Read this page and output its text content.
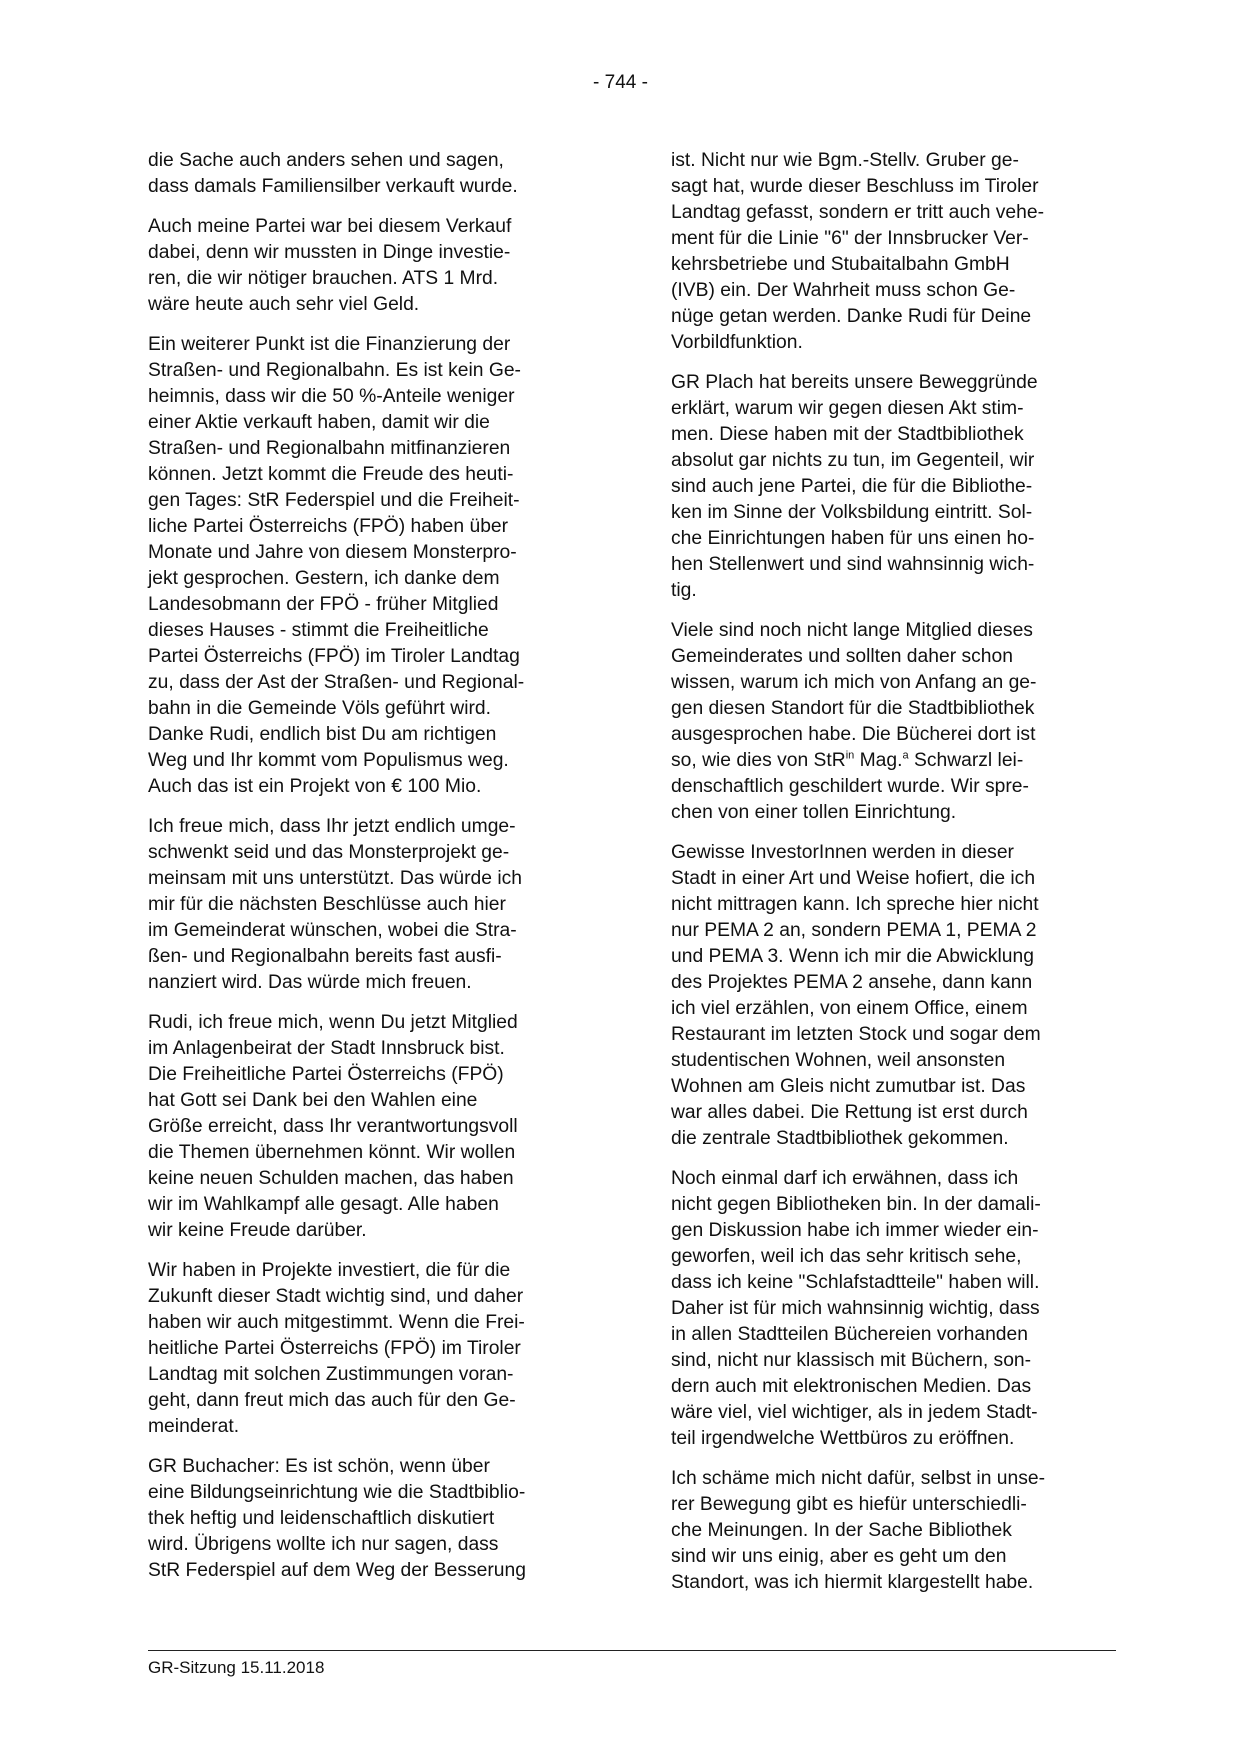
- 744 -

die Sache auch anders sehen und sagen,
dass damals Familiensilber verkauft wurde.

Auch meine Partei war bei diesem Verkauf
dabei, denn wir mussten in Dinge investie-
ren, die wir nötiger brauchen. ATS 1 Mrd.
wäre heute auch sehr viel Geld.

Ein weiterer Punkt ist die Finanzierung der
Straßen- und Regionalbahn. Es ist kein Ge-
heimnis, dass wir die 50 %-Anteile weniger
einer Aktie verkauft haben, damit wir die
Straßen- und Regionalbahn mitfinanzieren
können. Jetzt kommt die Freude des heuti-
gen Tages: StR Federspiel und die Freiheit-
liche Partei Österreichs (FPÖ) haben über
Monate und Jahre von diesem Monsterpro-
jekt gesprochen. Gestern, ich danke dem
Landesobmann der FPÖ - früher Mitglied
dieses Hauses - stimmt die Freiheitliche
Partei Österreichs (FPÖ) im Tiroler Landtag
zu, dass der Ast der Straßen- und Regional-
bahn in die Gemeinde Völs geführt wird.
Danke Rudi, endlich bist Du am richtigen
Weg und Ihr kommt vom Populismus weg.
Auch das ist ein Projekt von € 100 Mio.

Ich freue mich, dass Ihr jetzt endlich umge-
schwenkt seid und das Monsterprojekt ge-
meinsam mit uns unterstützt. Das würde ich
mir für die nächsten Beschlüsse auch hier
im Gemeinderat wünschen, wobei die Stra-
ßen- und Regionalbahn bereits fast ausfi-
nanziert wird. Das würde mich freuen.

Rudi, ich freue mich, wenn Du jetzt Mitglied
im Anlagenbeirat der Stadt Innsbruck bist.
Die Freiheitliche Partei Österreichs (FPÖ)
hat Gott sei Dank bei den Wahlen eine
Größe erreicht, dass Ihr verantwortungsvoll
die Themen übernehmen könnt. Wir wollen
keine neuen Schulden machen, das haben
wir im Wahlkampf alle gesagt. Alle haben
wir keine Freude darüber.

Wir haben in Projekte investiert, die für die
Zukunft dieser Stadt wichtig sind, und daher
haben wir auch mitgestimmt. Wenn die Frei-
heitliche Partei Österreichs (FPÖ) im Tiroler
Landtag mit solchen Zustimmungen voran-
geht, dann freut mich das auch für den Ge-
meinderat.

GR Buchacher: Es ist schön, wenn über
eine Bildungseinrichtung wie die Stadtbiblio-
thek heftig und leidenschaftlich diskutiert
wird. Übrigens wollte ich nur sagen, dass
StR Federspiel auf dem Weg der Besserung

ist. Nicht nur wie Bgm.-Stellv. Gruber ge-
sagt hat, wurde dieser Beschluss im Tiroler
Landtag gefasst, sondern er tritt auch vehe-
ment für die Linie "6" der Innsbrucker Ver-
kehrsbetriebe und Stubaitalbahn GmbH
(IVB) ein. Der Wahrheit muss schon Ge-
nüge getan werden. Danke Rudi für Deine
Vorbildfunktion.

GR Plach hat bereits unsere Beweggründe
erklärt, warum wir gegen diesen Akt stim-
men. Diese haben mit der Stadtbibliothek
absolut gar nichts zu tun, im Gegenteil, wir
sind auch jene Partei, die für die Bibliothe-
ken im Sinne der Volksbildung eintritt. Sol-
che Einrichtungen haben für uns einen ho-
hen Stellenwert und sind wahnsinnig wich-
tig.

Viele sind noch nicht lange Mitglied dieses
Gemeinderates und sollten daher schon
wissen, warum ich mich von Anfang an ge-
gen diesen Standort für die Stadtbibliothek
ausgesprochen habe. Die Bücherei dort ist
so, wie dies von StR$^{in}$ Mag.$^a$ Schwarzl lei-
denschaftlich geschildert wurde. Wir spre-
chen von einer tollen Einrichtung.

Gewisse InvestorInnen werden in dieser
Stadt in einer Art und Weise hofiert, die ich
nicht mittragen kann. Ich spreche hier nicht
nur PEMA 2 an, sondern PEMA 1, PEMA 2
und PEMA 3. Wenn ich mir die Abwicklung
des Projektes PEMA 2 ansehe, dann kann
ich viel erzählen, von einem Office, einem
Restaurant im letzten Stock und sogar dem
studentischen Wohnen, weil ansonsten
Wohnen am Gleis nicht zumutbar ist. Das
war alles dabei. Die Rettung ist erst durch
die zentrale Stadtbibliothek gekommen.

Noch einmal darf ich erwähnen, dass ich
nicht gegen Bibliotheken bin. In der damali-
gen Diskussion habe ich immer wieder ein-
geworfen, weil ich das sehr kritisch sehe,
dass ich keine "Schlafstadtteile" haben will.
Daher ist für mich wahnsinnig wichtig, dass
in allen Stadtteilen Büchereien vorhanden
sind, nicht nur klassisch mit Büchern, son-
dern auch mit elektronischen Medien. Das
wäre viel, viel wichtiger, als in jedem Stadt-
teil irgendwelche Wettbüros zu eröffnen.

Ich schäme mich nicht dafür, selbst in unse-
rer Bewegung gibt es hiefür unterschiedli-
che Meinungen. In der Sache Bibliothek
sind wir uns einig, aber es geht um den
Standort, was ich hiermit klargestellt habe.

GR-Sitzung 15.11.2018
